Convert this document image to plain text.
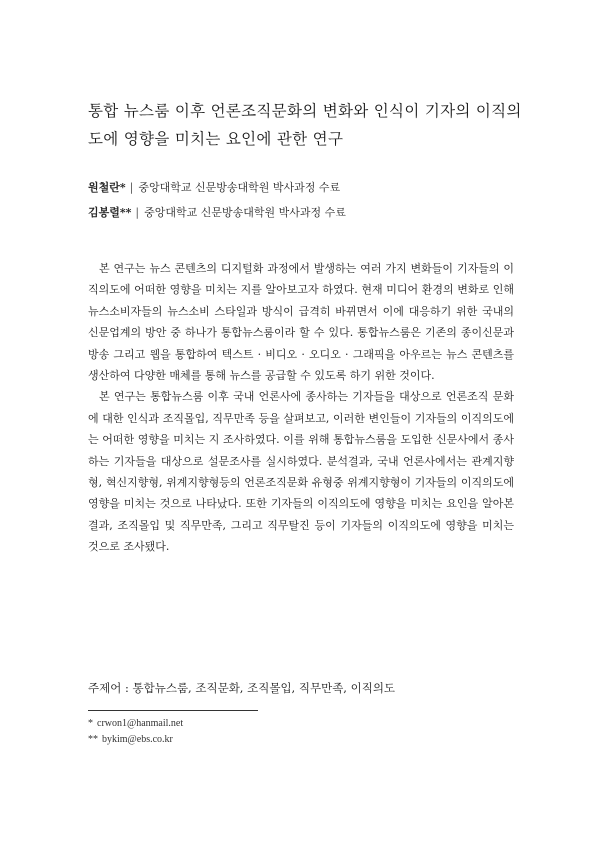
통합 뉴스룸 이후 언론조직문화의 변화와 인식이 기자의 이직의도에 영향을 미치는 요인에 관한 연구
원철란* | 중앙대학교 신문방송대학원 박사과정 수료
김봉렬** | 중앙대학교 신문방송대학원 박사과정 수료

본 연구는 뉴스 콘텐츠의 디지털화 과정에서 발생하는 여러 가지 변화들이 기자들의 이직의도에 어떠한 영향을 미치는 지를 알아보고자 하였다. 현재 미디어 환경의 변화로 인해 뉴스소비자들의 뉴스소비 스타일과 방식이 급격히 바뀌면서 이에 대응하기 위한 국내의 신문업계의 방안 중 하나가 통합뉴스룸이라 할 수 있다. 통합뉴스룸은 기존의 종이신문과 방송 그리고 웹을 통합하여 텍스트 · 비디오 · 오디오 · 그래픽을 아우르는 뉴스 콘텐츠를 생산하여 다양한 매체를 통해 뉴스를 공급할 수 있도록 하기 위한 것이다.

본 연구는 통합뉴스룸 이후 국내 언론사에 종사하는 기자들을 대상으로 언론조직 문화에 대한 인식과 조직몰입, 직무만족 등을 살펴보고, 이러한 변인들이 기자들의 이직의도에는 어떠한 영향을 미치는 지 조사하였다. 이를 위해 통합뉴스룸을 도입한 신문사에서 종사하는 기자들을 대상으로 설문조사를 실시하였다. 분석결과, 국내 언론사에서는 관계지향형, 혁신지향형, 위계지향형등의 언론조직문화 유형중 위계지향형이 기자들의 이직의도에 영향을 미치는 것으로 나타났다. 또한 기자들의 이직의도에 영향을 미치는 요인을 알아본 결과, 조직몰입 및 직무만족, 그리고 직무탈진 등이 기자들의 이직의도에 영향을 미치는 것으로 조사됐다.

주제어 : 통합뉴스룸, 조직문화, 조직몰입, 직무만족, 이직의도
* crwon1@hanmail.net
** bykim@ebs.co.kr
